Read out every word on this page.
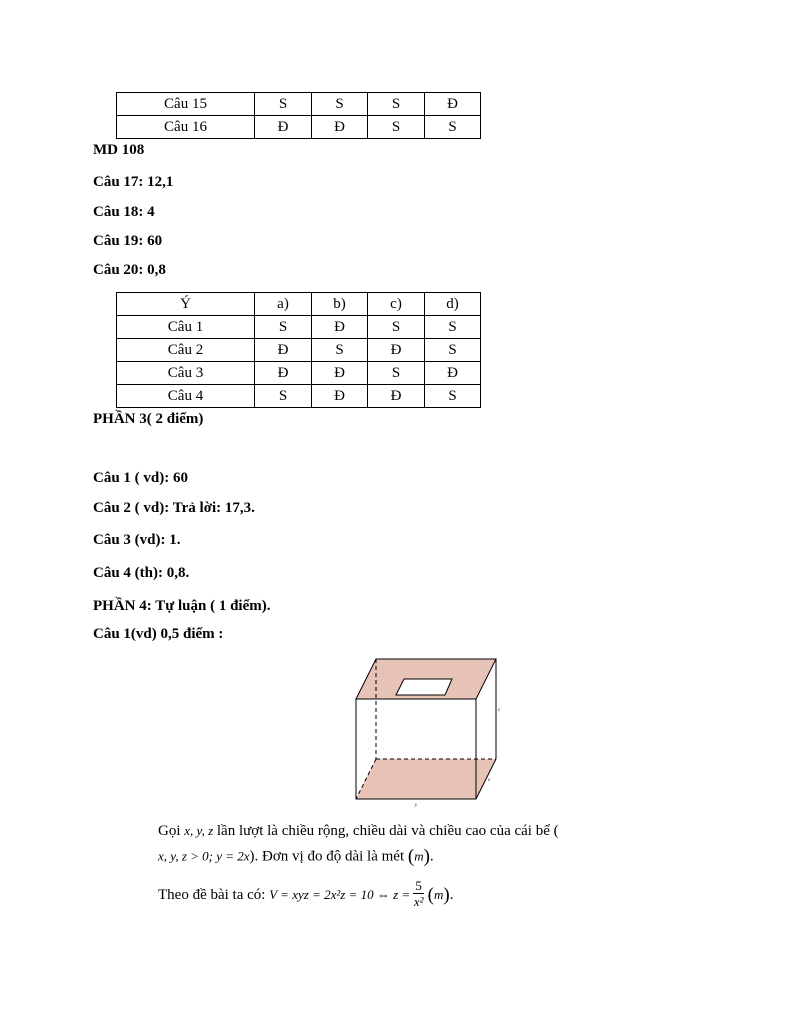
Câu 15	S	S	S	Đ
Câu 16	Đ	Đ	S	S
MD 108
Câu 17: 12,1
Câu 18: 4
Câu 19: 60
Câu 20: 0,8
Ý	a)	b)	c)	d)
Câu 1	S	Đ	S	S
Câu 2	Đ	S	Đ	S
Câu 3	Đ	Đ	S	Đ
Câu 4	S	Đ	Đ	S
PHẦN 3( 2 điểm)
Câu 1 ( vd): 60
Câu 2 ( vd): Trả lời: 17,3.
Câu 3 (vd): 1.
Câu 4 (th): 0,8.
PHẦN 4: Tự luận ( 1 điểm).
Câu 1(vd) 0,5 điểm :
z
x
y
Gọi x, y, z lần lượt là chiều rộng, chiều dài và chiều cao của cái bể (
x, y, z > 0; y = 2x). Đơn vị đo độ dài là mét (m).
Theo đề bài ta có: V = xyz = 2x²z = 10 ⇔ $z = \frac{5}{\text{x²}} (m)$.
